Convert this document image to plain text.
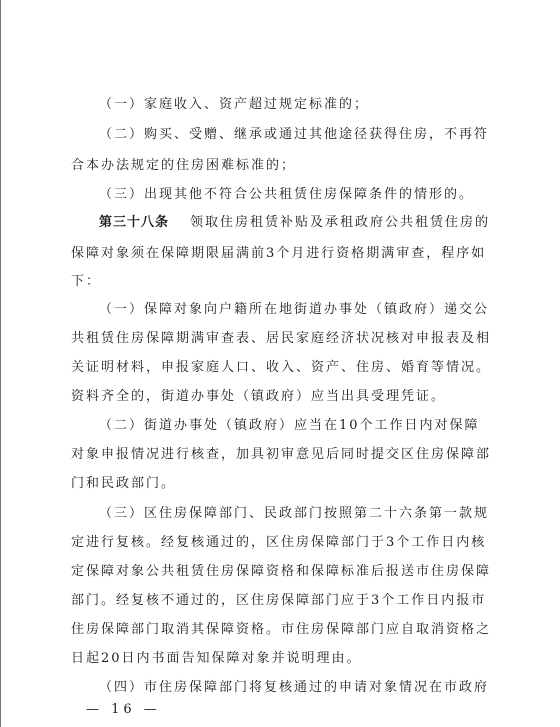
（一）家庭收入、资产超过规定标准的；
（二）购买、受赠、继承或通过其他途径获得住房，不再符
合本办法规定的住房困难标准的；
（三）出现其他不符合公共租赁住房保障条件的情形的。
第三十八条	领取住房租赁补贴及承租政府公共租赁住房的
保障对象须在保障期限届满前3个月进行资格期满审查，程序如
下：
（一）保障对象向户籍所在地街道办事处（镇政府）递交公
共租赁住房保障期满审查表、居民家庭经济状况核对申报表及相
关证明材料，申报家庭人口、收入、资产、住房、婚育等情况。
资料齐全的，街道办事处（镇政府）应当出具受理凭证。
（二）街道办事处（镇政府）应当在10个工作日内对保障
对象申报情况进行核查，加具初审意见后同时提交区住房保障部
门和民政部门。
（三）区住房保障部门、民政部门按照第二十六条第一款规
定进行复核。经复核通过的，区住房保障部门于3个工作日内核
定保障对象公共租赁住房保障资格和保障标准后报送市住房保障
部门。经复核不通过的，区住房保障部门应于3个工作日内报市
住房保障部门取消其保障资格。市住房保障部门应自取消资格之
日起20日内书面告知保障对象并说明理由。
（四）市住房保障部门将复核通过的申请对象情况在市政府
— 16 —
